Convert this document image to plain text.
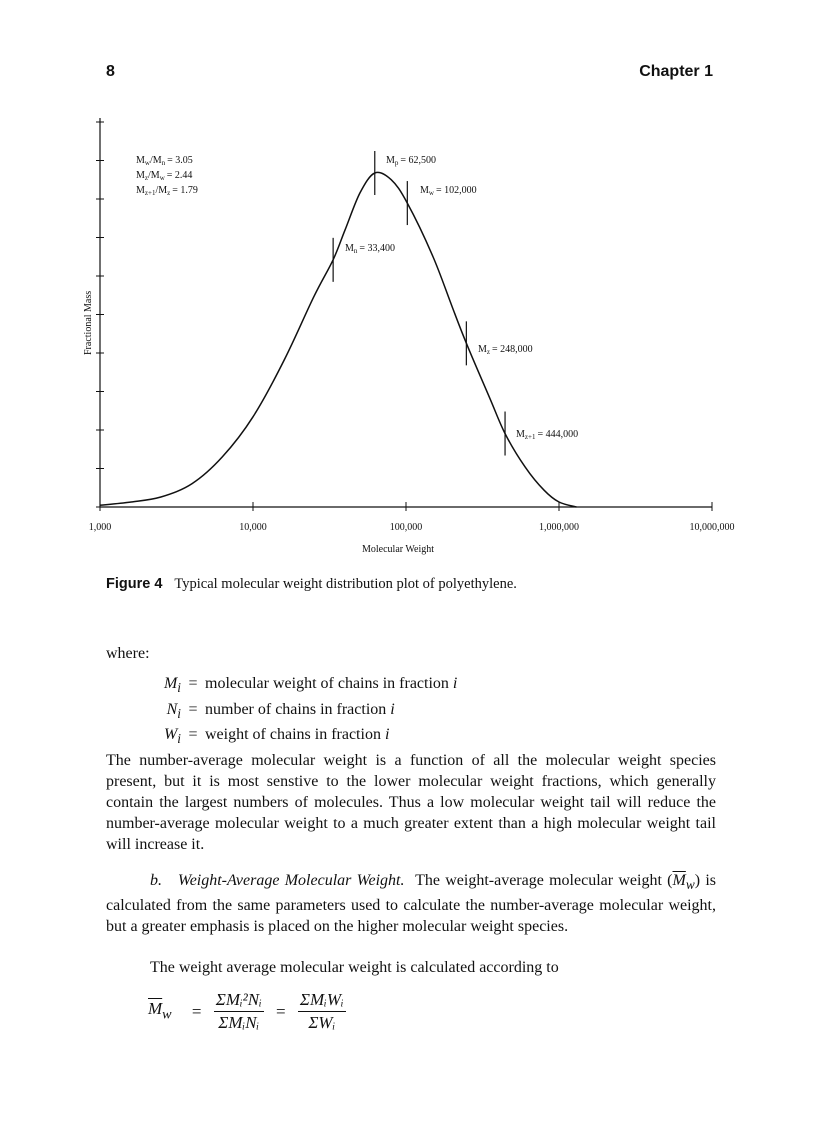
8	Chapter 1
1,000	10,000	100,000	1,000,000	10,000,000
Molecular Weight
Fractional Mass
$M_w/M_n = 3.05$
$M_z/M_w = 2.44$
$M_{z+1}/M_z = 1.79$
$M_p = 62,500$
$M_w = 102,000$
$M_n = 33,400$
$M_z = 248,000$
$M_{z+1} = 444,000$
Figure 4 Typical molecular weight distribution plot of polyethylene.
where:
$M_i$ = molecular weight of chains in fraction i
$N_i$ = number of chains in fraction i
$W_i$ = weight of chains in fraction i
The number-average molecular weight is a function of all the molecular weight species present, but it is most senstive to the lower molecular weight fractions, which generally contain the largest numbers of molecules. Thus a low molecular weight tail will reduce the number-average molecular weight to a much greater extent than a high molecular weight tail will increase it.
b.   Weight-Average Molecular Weight. The weight-average molecular weight $(\overline{M}_w)$ is calculated from the same parameters used to calculate the number-average molecular weight, but a greater emphasis is placed on the higher molecular weight species.
The weight average molecular weight is calculated according to
$\overline{M}_w = \frac{\text{ΣMᵢ²Nᵢ}}{\text{ΣMᵢNᵢ}} = \frac{\text{ΣMᵢWᵢ}}{\text{ΣWᵢ}}$
